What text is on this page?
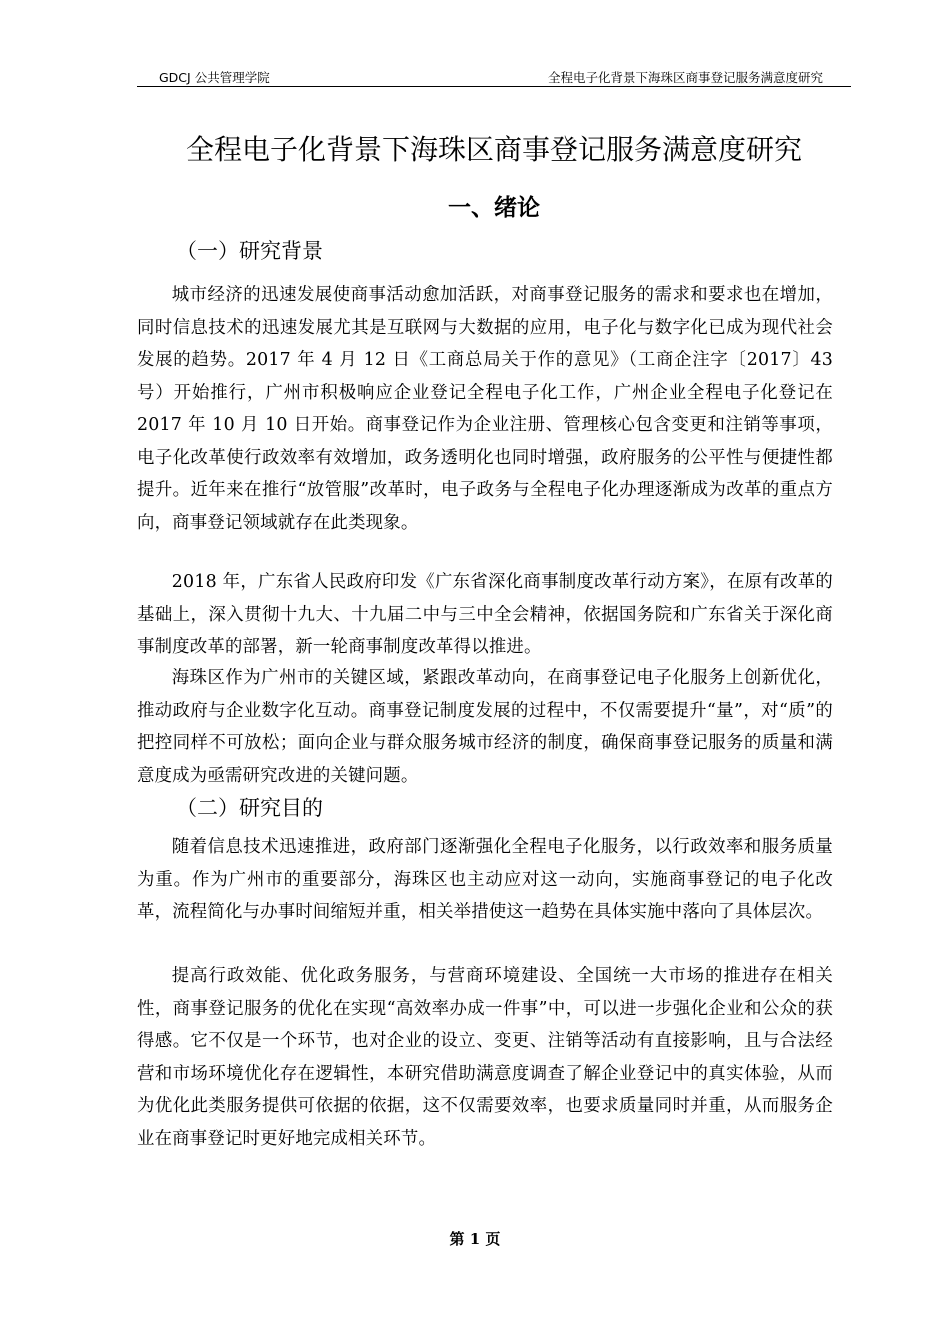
GDCJ 公共管理学院	全程电子化背景下海珠区商事登记服务满意度研究
全程电子化背景下海珠区商事登记服务满意度研究
一、绪论
（一）研究背景

城市经济的迅速发展使商事活动愈加活跃，对商事登记服务的需求和要求也在增加，同时信息技术的迅速发展尤其是互联网与大数据的应用，电子化与数字化已成为现代社会发展的趋势。2017 年 4 月 12 日《工商总局关于作的意见》（工商企注字〔2017〕43 号）开始推行，广州市积极响应企业登记全程电子化工作，广州企业全程电子化登记在 2017 年 10 月 10 日开始。商事登记作为企业注册、管理核心包含变更和注销等事项，电子化改革使行政效率有效增加，政务透明化也同时增强，政府服务的公平性与便捷性都提升。近年来在推行“放管服”改革时，电子政务与全程电子化办理逐渐成为改革的重点方向，商事登记领域就存在此类现象。

2018 年，广东省人民政府印发《广东省深化商事制度改革行动方案》，在原有改革的基础上，深入贯彻十九大、十九届二中与三中全会精神，依据国务院和广东省关于深化商事制度改革的部署，新一轮商事制度改革得以推进。

海珠区作为广州市的关键区域，紧跟改革动向，在商事登记电子化服务上创新优化，推动政府与企业数字化互动。商事登记制度发展的过程中，不仅需要提升“量”，对“质”的把控同样不可放松；面向企业与群众服务城市经济的制度，确保商事登记服务的质量和满意度成为亟需研究改进的关键问题。

（二）研究目的

随着信息技术迅速推进，政府部门逐渐强化全程电子化服务，以行政效率和服务质量为重。作为广州市的重要部分，海珠区也主动应对这一动向，实施商事登记的电子化改革，流程简化与办事时间缩短并重，相关举措使这一趋势在具体实施中落向了具体层次。

提高行政效能、优化政务服务，与营商环境建设、全国统一大市场的推进存在相关性，商事登记服务的优化在实现“高效率办成一件事”中，可以进一步强化企业和公众的获得感。它不仅是一个环节，也对企业的设立、变更、注销等活动有直接影响，且与合法经营和市场环境优化存在逻辑性，本研究借助满意度调查了解企业登记中的真实体验，从而为优化此类服务提供可依据的依据，这不仅需要效率，也要求质量同时并重，从而服务企业在商事登记时更好地完成相关环节。

第 1 页
